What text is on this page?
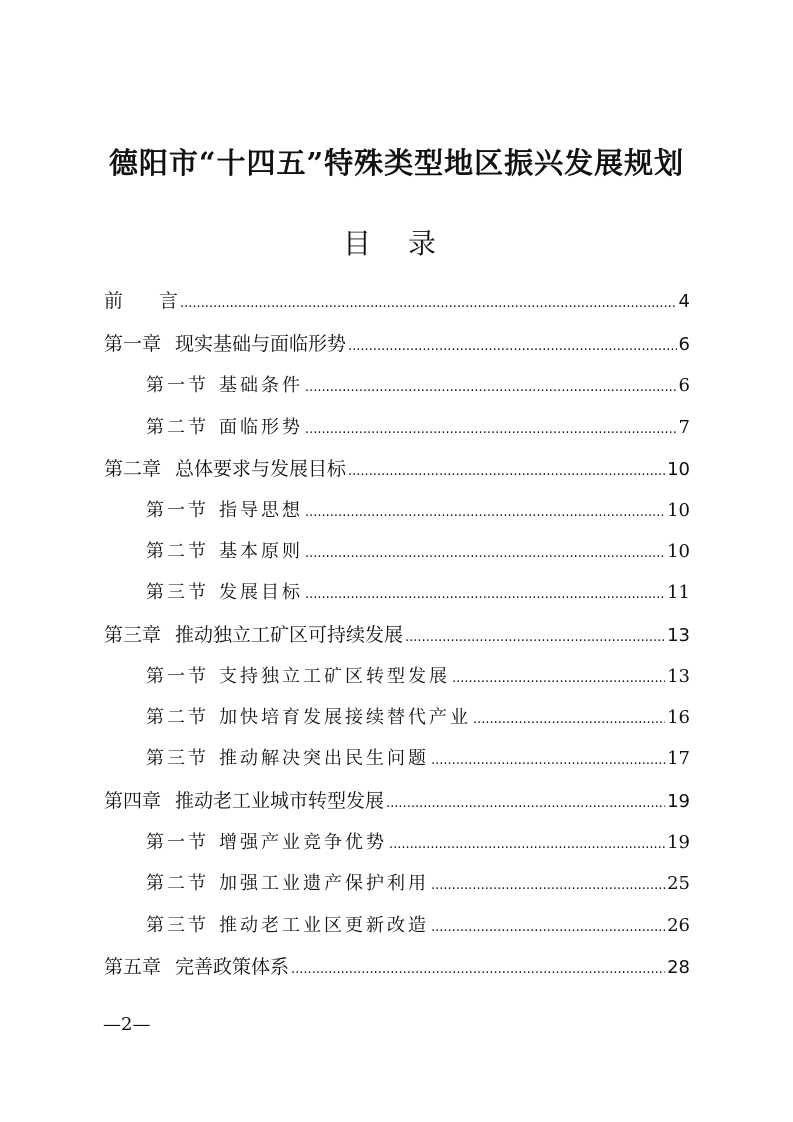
德阳市“十四五”特殊类型地区振兴发展规划
目 录
前 言 .....	4
第一章 现实基础与面临形势 .....	6
第一节 基础条件 .....	6
第二节 面临形势 .....	7
第二章 总体要求与发展目标 .....	10
第一节 指导思想 .....	10
第二节 基本原则 .....	10
第三节 发展目标 .....	11
第三章 推动独立工矿区可持续发展 .....	13
第一节 支持独立工矿区转型发展 .....	13
第二节 加快培育发展接续替代产业 .....	16
第三节 推动解决突出民生问题 .....	17
第四章 推动老工业城市转型发展 .....	19
第一节 增强产业竞争优势 .....	19
第二节 加强工业遗产保护利用 .....	25
第三节 推动老工业区更新改造 .....	26
第五章 完善政策体系 .....	28
—2—
